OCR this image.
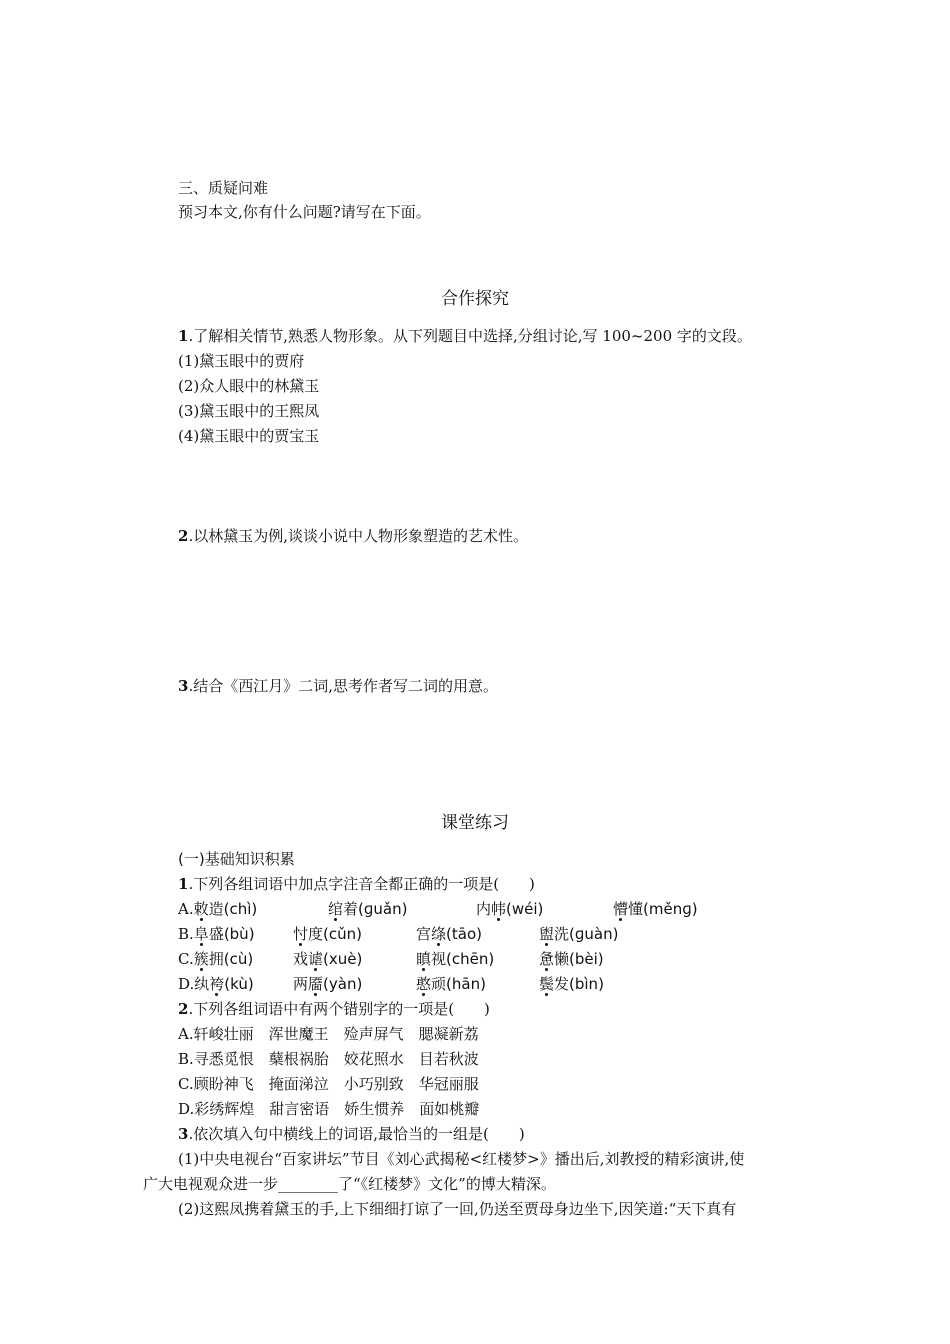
三、质疑问难
预习本文,你有什么问题?请写在下面。
合作探究
1.了解相关情节,熟悉人物形象。从下列题目中选择,分组讨论,写 100~200 字的文段。
(1)黛玉眼中的贾府
(2)众人眼中的林黛玉
(3)黛玉眼中的王熙凤
(4)黛玉眼中的贾宝玉
2.以林黛玉为例,谈谈小说中人物形象塑造的艺术性。
3.结合《西江月》二词,思考作者写二词的用意。
课堂练习
(一)基础知识积累
1.下列各组词语中加点字注音全都正确的一项是(　　)
A.敕造(chì)	绾着(ɡuǎn)	内帏(wéi)	懵懂(měnɡ)
B.阜盛(bù)	忖度(cǔn)	宫绦(tāo)	盥洗(ɡuàn)
C.簇拥(cù)	戏谑(xuè)	瞋视(chēn)	惫懒(bèi)
D.纨袴(kù)	两靥(yàn)	憨顽(hān)	鬓发(bìn)
2.下列各组词语中有两个错别字的一项是(　　)
A.轩峻壮丽　浑世魔王　殓声屏气　腮凝新荔
B.寻悉觅恨　蘖根祸胎　姣花照水　目若秋波
C.顾盼神飞　掩面涕泣　小巧别致　华冠丽服
D.彩绣辉煌　甜言密语　娇生惯养　面如桃瓣
3.依次填入句中横线上的词语,最恰当的一组是(　　)
(1)中央电视台“百家讲坛”节目《刘心武揭秘<红楼梦>》播出后,刘教授的精彩演讲,使
广大电视观众进一步________了“《红楼梦》文化”的博大精深。
(2)这熙凤携着黛玉的手,上下细细打谅了一回,仍送至贾母身边坐下,因笑道:“天下真有
